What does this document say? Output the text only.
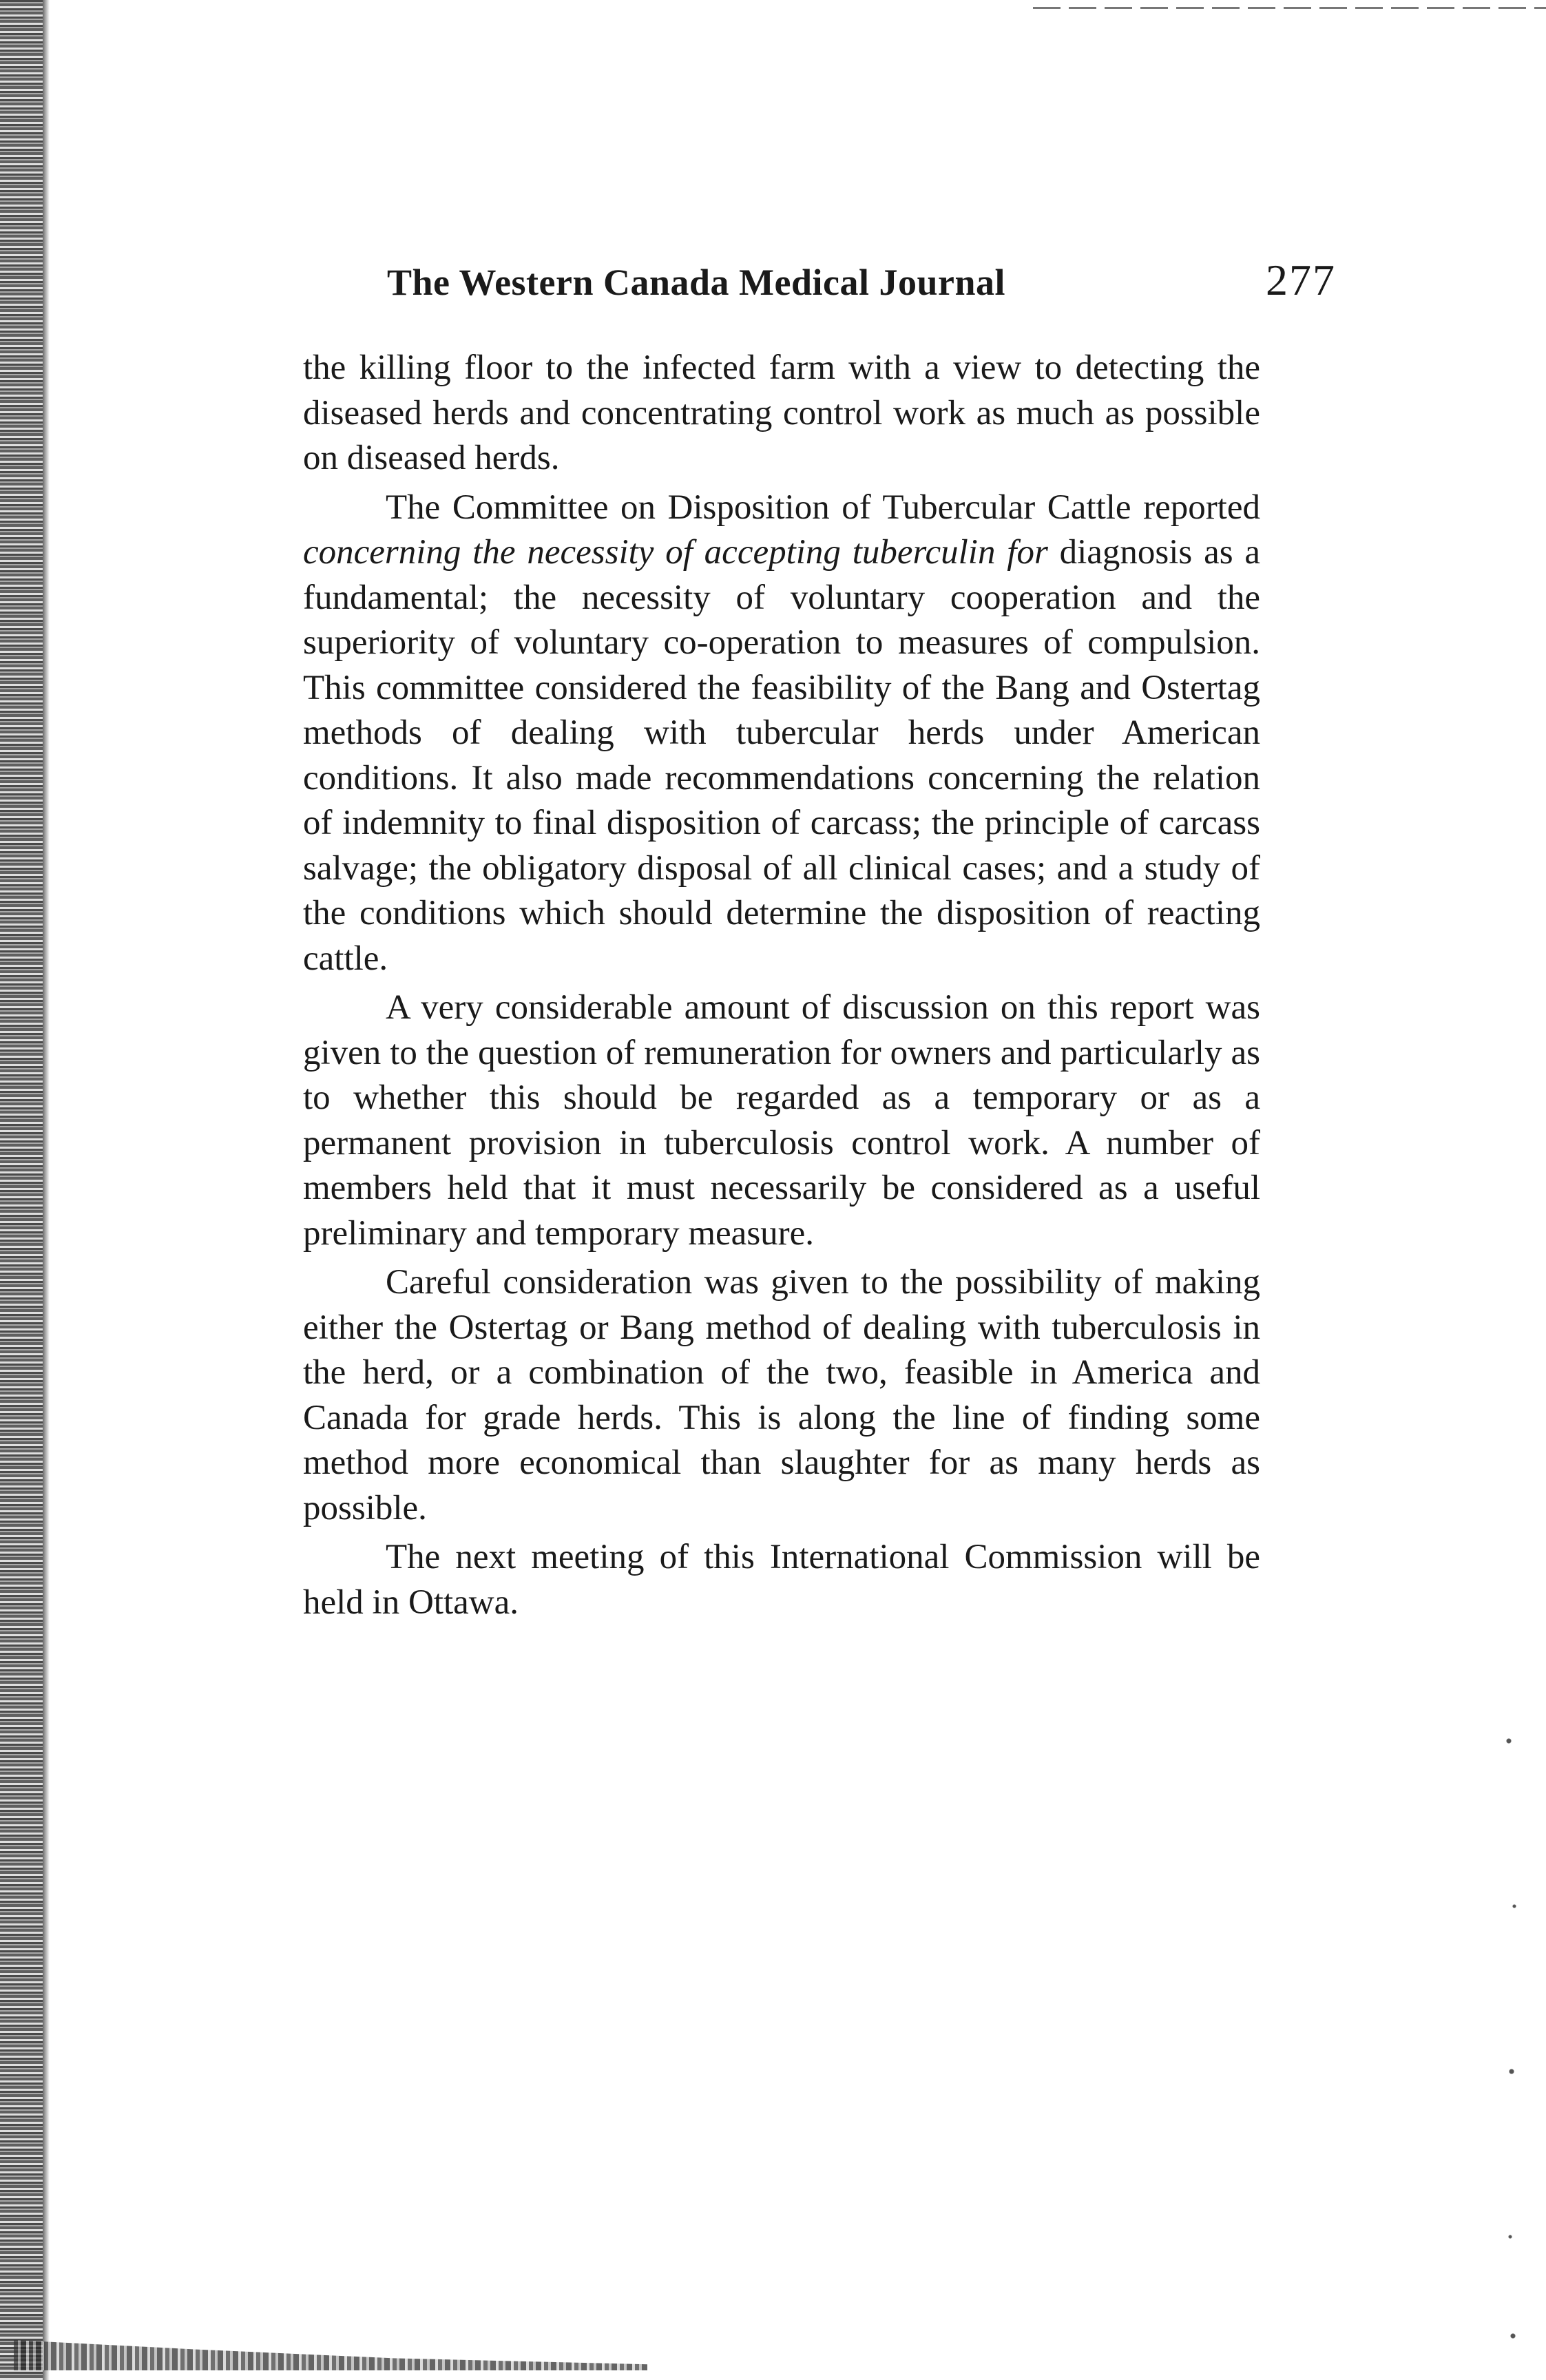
The Western Canada Medical Journal	277

the killing floor to the infected farm with a view to detecting the diseased herds and concentrating control work as much as possible on diseased herds.

The Committee on Disposition of Tubercular Cattle reported concerning the necessity of accepting tuberculin for diagnosis as a fundamental; the necessity of voluntary cooperation and the superiority of voluntary co-operation to measures of compulsion. This committee considered the feasibility of the Bang and Ostertag methods of dealing with tubercular herds under American conditions. It also made recommendations concerning the relation of indemnity to final disposition of carcass; the principle of carcass salvage; the obligatory disposal of all clinical cases; and a study of the conditions which should determine the disposition of reacting cattle.

A very considerable amount of discussion on this report was given to the question of remuneration for owners and particularly as to whether this should be regarded as a temporary or as a permanent provision in tuberculosis control work. A number of members held that it must necessarily be considered as a useful preliminary and temporary measure.

Careful consideration was given to the possibility of making either the Ostertag or Bang method of dealing with tuberculosis in the herd, or a combination of the two, feasible in America and Canada for grade herds. This is along the line of finding some method more economical than slaughter for as many herds as possible.

The next meeting of this International Commission will be held in Ottawa.
